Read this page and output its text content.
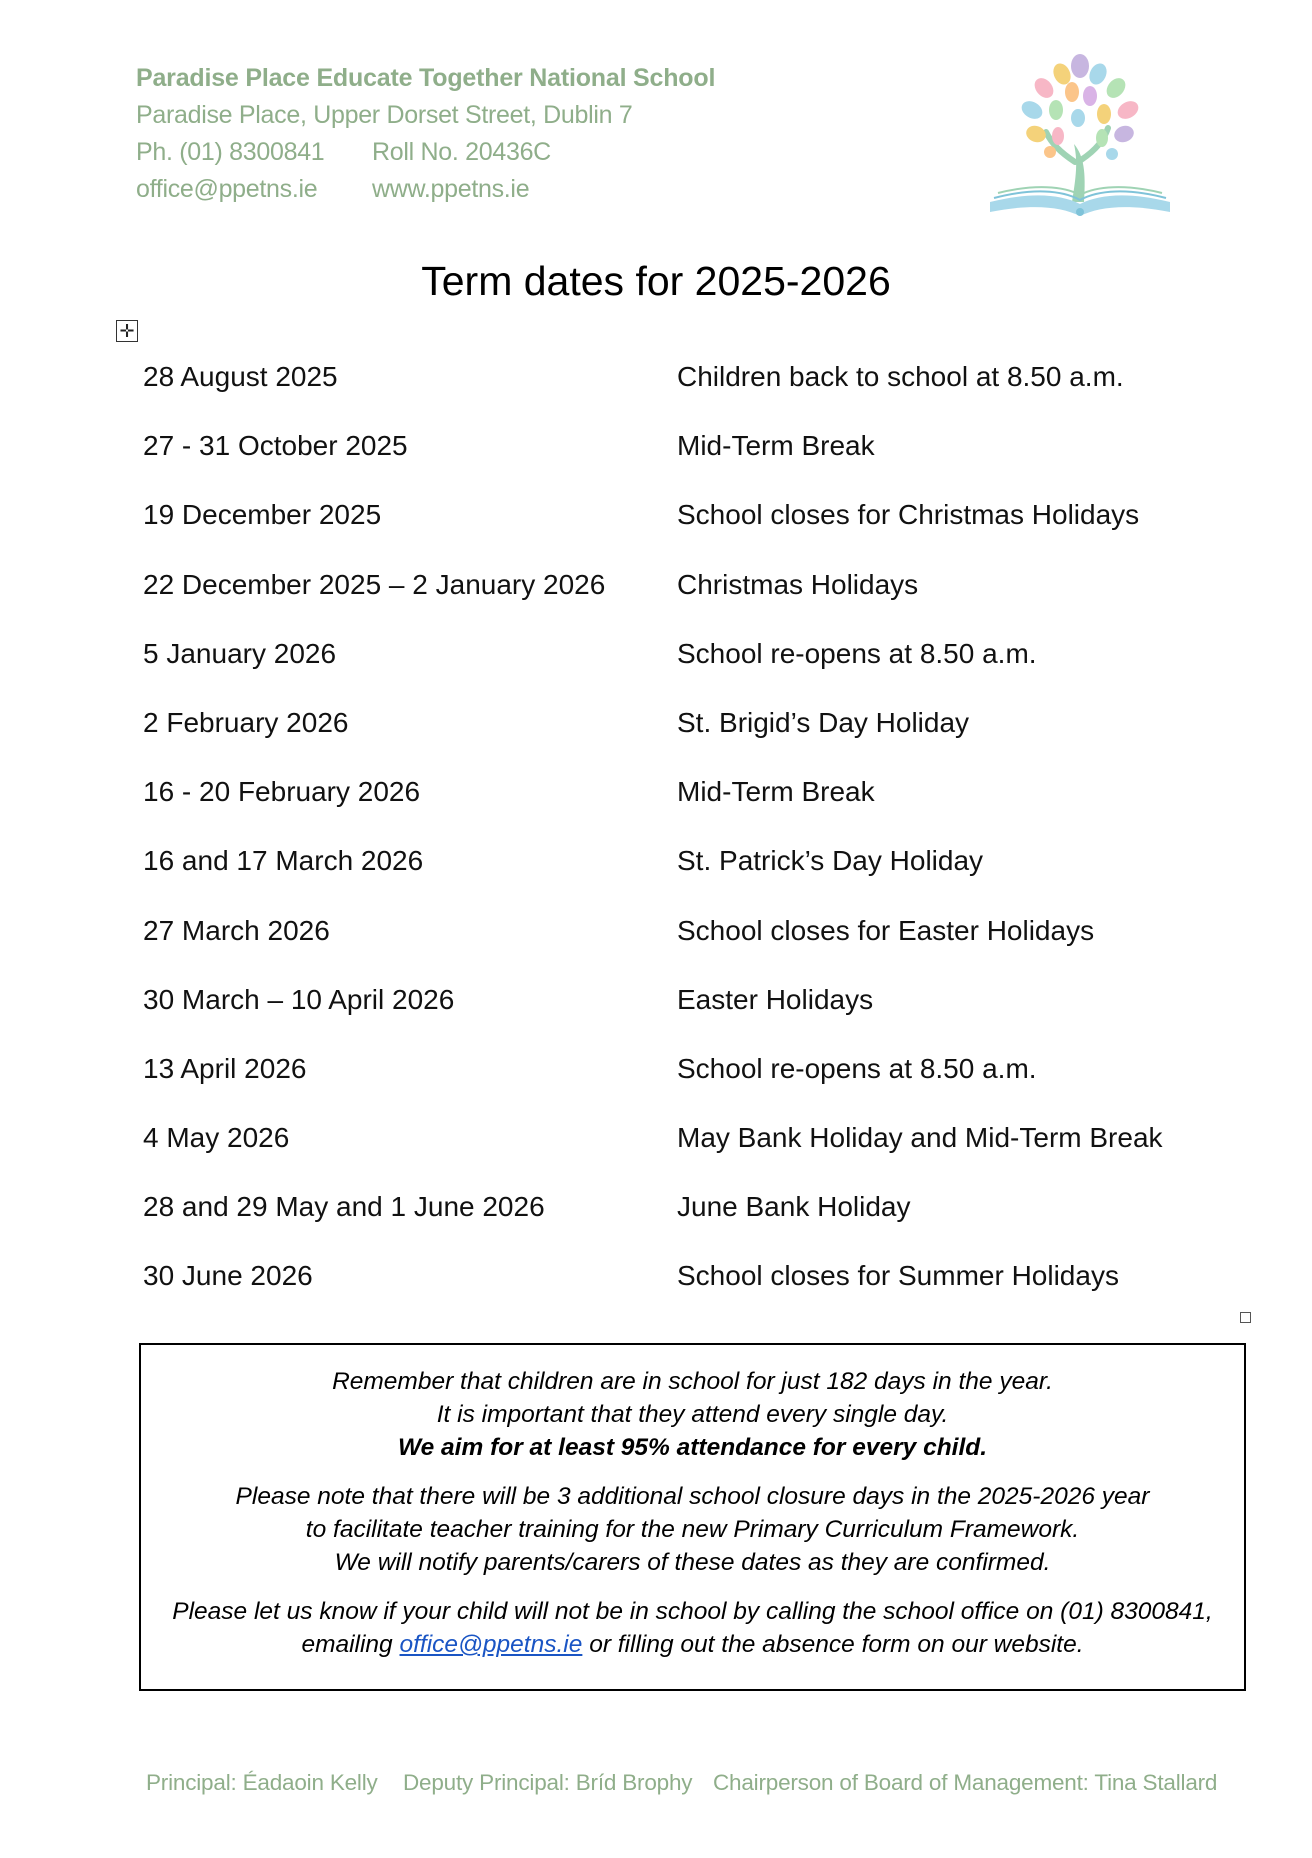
Paradise Place Educate Together National School
Paradise Place, Upper Dorset Street, Dublin 7
Ph. (01) 8300841	Roll No. 20436C
office@ppetns.ie	www.ppetns.ie
Term dates for 2025-2026
✛
28 August 2025	Children back to school at 8.50 a.m.
27 - 31 October 2025	Mid-Term Break
19 December 2025	School closes for Christmas Holidays
22 December 2025 – 2 January 2026	Christmas Holidays
5 January 2026	School re-opens at 8.50 a.m.
2 February 2026	St. Brigid’s Day Holiday
16 - 20 February 2026	Mid-Term Break
16 and 17 March 2026	St. Patrick’s Day Holiday
27 March 2026	School closes for Easter Holidays
30 March – 10 April 2026	Easter Holidays
13 April 2026	School re-opens at 8.50 a.m.
4 May 2026	May Bank Holiday and Mid-Term Break
28 and 29 May and 1 June 2026	June Bank Holiday
30 June 2026	School closes for Summer Holidays

Remember that children are in school for just 182 days in the year.

It is important that they attend every single day.

We aim for at least 95% attendance for every child.

Please note that there will be 3 additional school closure days in the 2025-2026 year

to facilitate teacher training for the new Primary Curriculum Framework.

We will notify parents/carers of these dates as they are confirmed.

Please let us know if your child will not be in school by calling the school office on (01) 8300841,

emailing office@ppetns.ie or filling out the absence form on our website.

Principal: Éadaoin Kelly Deputy Principal: Bríd Brophy Chairperson of Board of Management: Tina Stallard
